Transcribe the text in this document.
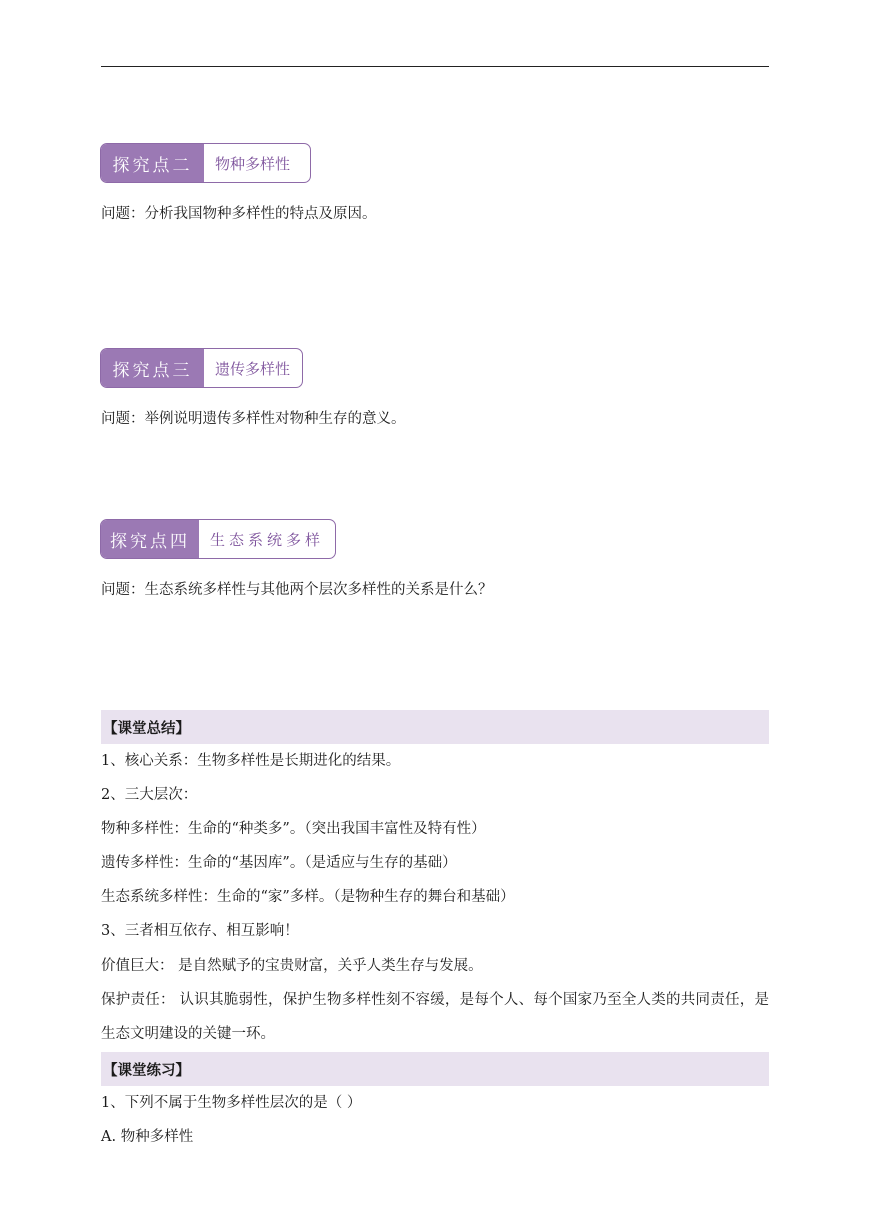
探究点二	物种多样性
问题：分析我国物种多样性的特点及原因。
探究点三	遗传多样性
问题：举例说明遗传多样性对物种生存的意义。
探究点四	生态系统多样
问题：生态系统多样性与其他两个层次多样性的关系是什么？
【课堂总结】
1、核心关系：生物多样性是长期进化的结果。
2、三大层次：
物种多样性：生命的“种类多”。（突出我国丰富性及特有性）
遗传多样性：生命的“基因库”。（是适应与生存的基础）
生态系统多样性：生命的“家”多样。（是物种生存的舞台和基础）
3、三者相互依存、相互影响！
价值巨大： 是自然赋予的宝贵财富，关乎人类生存与发展。
保护责任： 认识其脆弱性，保护生物多样性刻不容缓，是每个人、每个国家乃至全人类的共同责任，是生态文明建设的关键一环。
【课堂练习】
1、下列不属于生物多样性层次的是（ ）
A. 物种多样性
